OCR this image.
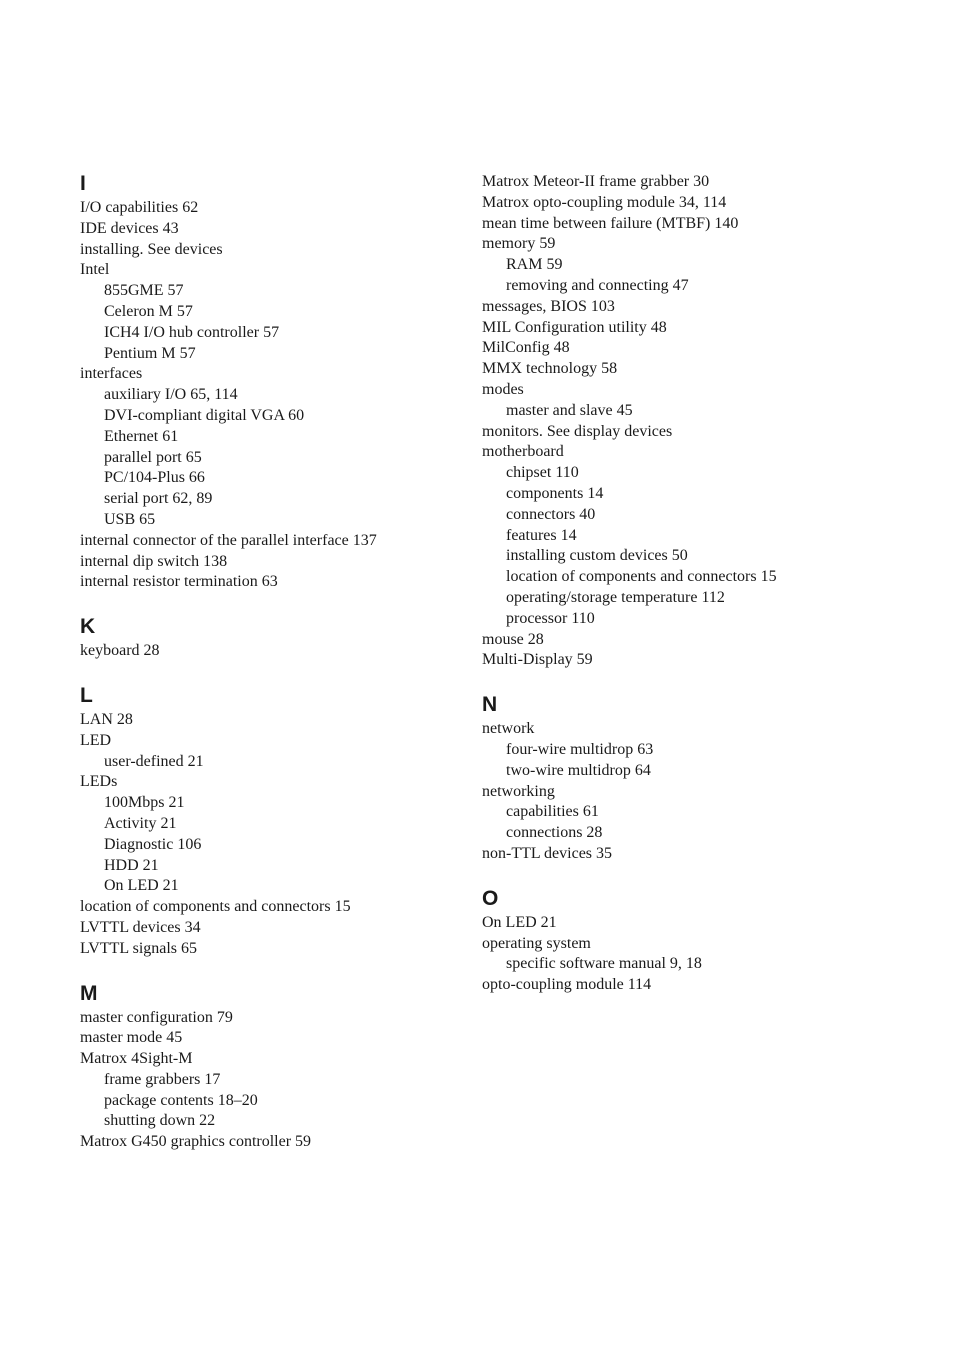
I
I/O capabilities 62
IDE devices 43
installing. See devices
Intel
855GME 57
Celeron M 57
ICH4 I/O hub controller 57
Pentium M 57
interfaces
auxiliary I/O 65, 114
DVI-compliant digital VGA 60
Ethernet 61
parallel port 65
PC/104-Plus 66
serial port 62, 89
USB 65
internal connector of the parallel interface 137
internal dip switch 138
internal resistor termination 63
K
keyboard 28
L
LAN 28
LED
user-defined 21
LEDs
100Mbps 21
Activity 21
Diagnostic 106
HDD 21
On LED 21
location of components and connectors 15
LVTTL devices 34
LVTTL signals 65
M
master configuration 79
master mode 45
Matrox 4Sight-M
frame grabbers 17
package contents 18–20
shutting down 22
Matrox G450 graphics controller 59
Matrox Meteor-II frame grabber 30
Matrox opto-coupling module 34, 114
mean time between failure (MTBF) 140
memory 59
RAM 59
removing and connecting 47
messages, BIOS 103
MIL Configuration utility 48
MilConfig 48
MMX technology 58
modes
master and slave 45
monitors. See display devices
motherboard
chipset 110
components 14
connectors 40
features 14
installing custom devices 50
location of components and connectors 15
operating/storage temperature 112
processor 110
mouse 28
Multi-Display 59
N
network
four-wire multidrop 63
two-wire multidrop 64
networking
capabilities 61
connections 28
non-TTL devices 35
O
On LED 21
operating system
specific software manual 9, 18
opto-coupling module 114
